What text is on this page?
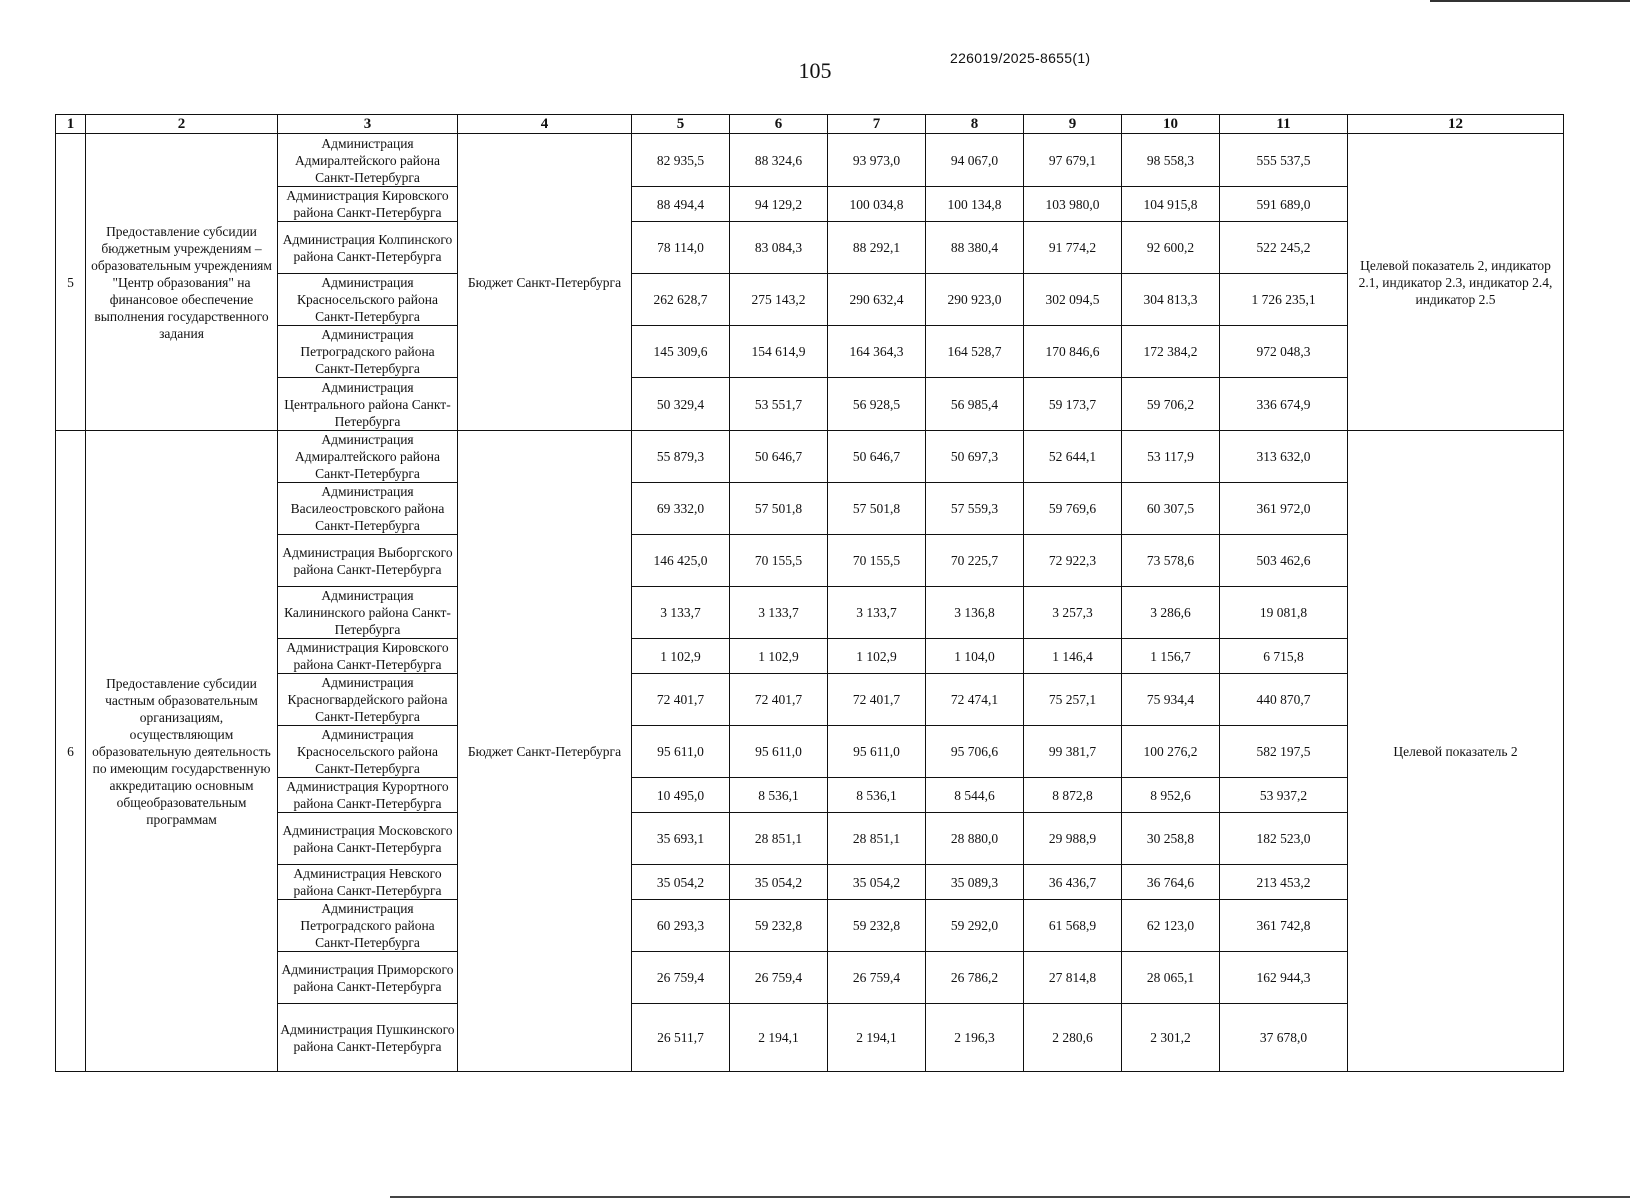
105	226019/2025-8655(1)
1	2	3	4	5	6	7	8	9	10	11	12
5	Предоставление субсидии бюджетным учреждениям – образовательным учреждениям "Центр образования" на финансовое обеспечение выполнения государственного задания	Администрация Адмиралтейского района Санкт-Петербурга	Бюджет Санкт-Петербурга	82 935,5	88 324,6	93 973,0	94 067,0	97 679,1	98 558,3	555 537,5	Целевой показатель 2, индикатор 2.1, индикатор 2.3, индикатор 2.4, индикатор 2.5
		Администрация Кировского района Санкт-Петербурга		88 494,4	94 129,2	100 034,8	100 134,8	103 980,0	104 915,8	591 689,0	
		Администрация Колпинского района Санкт-Петербурга		78 114,0	83 084,3	88 292,1	88 380,4	91 774,2	92 600,2	522 245,2	
		Администрация Красносельского района Санкт-Петербурга		262 628,7	275 143,2	290 632,4	290 923,0	302 094,5	304 813,3	1 726 235,1	
		Администрация Петроградского района Санкт-Петербурга		145 309,6	154 614,9	164 364,3	164 528,7	170 846,6	172 384,2	972 048,3	
		Администрация Центрального района Санкт-Петербурга		50 329,4	53 551,7	56 928,5	56 985,4	59 173,7	59 706,2	336 674,9	
6	Предоставление субсидии частным образовательным организациям, осуществляющим образовательную деятельность по имеющим государственную аккредитацию основным общеобразовательным программам	Администрация Адмиралтейского района Санкт-Петербурга	Бюджет Санкт-Петербурга	55 879,3	50 646,7	50 646,7	50 697,3	52 644,1	53 117,9	313 632,0	Целевой показатель 2
		Администрация Василеостровского района Санкт-Петербурга		69 332,0	57 501,8	57 501,8	57 559,3	59 769,6	60 307,5	361 972,0	
		Администрация Выборгского района Санкт-Петербурга		146 425,0	70 155,5	70 155,5	70 225,7	72 922,3	73 578,6	503 462,6	
		Администрация Калининского района Санкт-Петербурга		3 133,7	3 133,7	3 133,7	3 136,8	3 257,3	3 286,6	19 081,8	
		Администрация Кировского района Санкт-Петербурга		1 102,9	1 102,9	1 102,9	1 104,0	1 146,4	1 156,7	6 715,8	
		Администрация Красногвардейского района Санкт-Петербурга		72 401,7	72 401,7	72 401,7	72 474,1	75 257,1	75 934,4	440 870,7	
		Администрация Красносельского района Санкт-Петербурга		95 611,0	95 611,0	95 611,0	95 706,6	99 381,7	100 276,2	582 197,5	
		Администрация Курортного района Санкт-Петербурга		10 495,0	8 536,1	8 536,1	8 544,6	8 872,8	8 952,6	53 937,2	
		Администрация Московского района Санкт-Петербурга		35 693,1	28 851,1	28 851,1	28 880,0	29 988,9	30 258,8	182 523,0	
		Администрация Невского района Санкт-Петербурга		35 054,2	35 054,2	35 054,2	35 089,3	36 436,7	36 764,6	213 453,2	
		Администрация Петроградского района Санкт-Петербурга		60 293,3	59 232,8	59 232,8	59 292,0	61 568,9	62 123,0	361 742,8	
		Администрация Приморского района Санкт-Петербурга		26 759,4	26 759,4	26 759,4	26 786,2	27 814,8	28 065,1	162 944,3	
		Администрация Пушкинского района Санкт-Петербурга		26 511,7	2 194,1	2 194,1	2 196,3	2 280,6	2 301,2	37 678,0	
